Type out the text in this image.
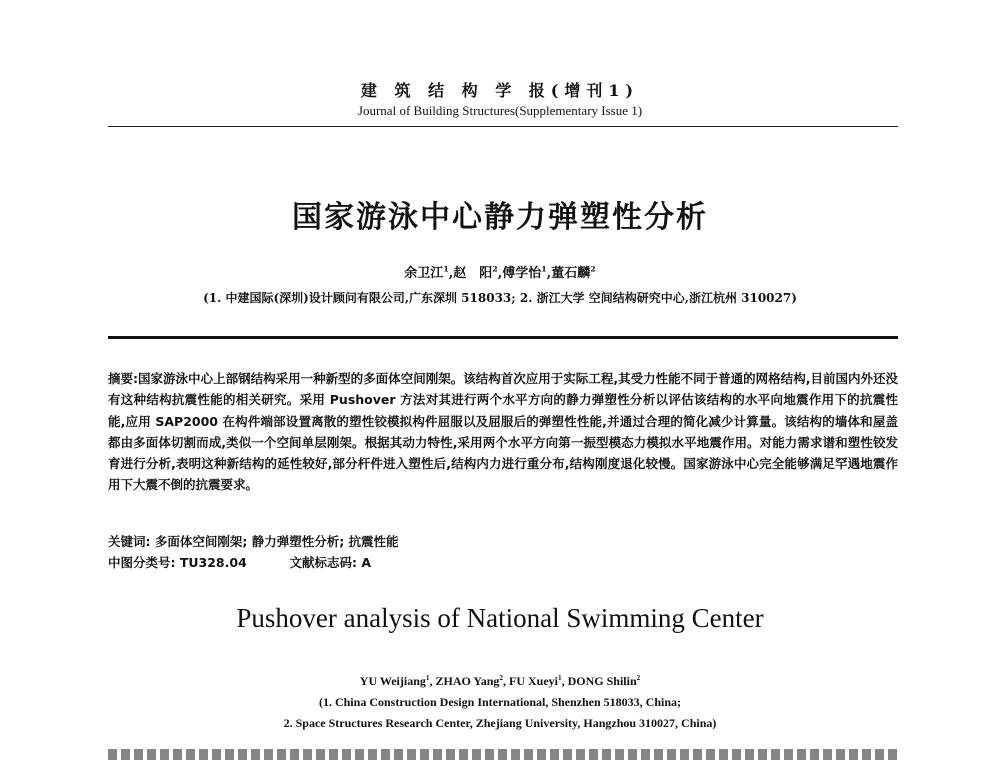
建 筑 结 构 学 报(增刊1)
Journal of Building Structures(Supplementary Issue 1)
国家游泳中心静力弹塑性分析
余卫江$^1$,赵　阳$^2$,傅学怡$^1$,董石麟$^2$
(1. 中建国际(深圳)设计顾问有限公司,广东深圳 518033; 2. 浙江大学 空间结构研究中心,浙江杭州 310027)
摘要:国家游泳中心上部钢结构采用一种新型的多面体空间刚架。该结构首次应用于实际工程,其受力性能不同于普通的网格结构,目前国内外还没有这种结构抗震性能的相关研究。采用 Pushover 方法对其进行两个水平方向的静力弹塑性分析以评估该结构的水平向地震作用下的抗震性能,应用 SAP2000 在构件端部设置离散的塑性铰模拟构件屈服以及屈服后的弹塑性性能,并通过合理的简化减少计算量。该结构的墙体和屋盖都由多面体切割而成,类似一个空间单层刚架。根据其动力特性,采用两个水平方向第一振型模态力模拟水平地震作用。对能力需求谱和塑性铰发育进行分析,表明这种新结构的延性较好,部分杆件进入塑性后,结构内力进行重分布,结构刚度退化较慢。国家游泳中心完全能够满足罕遇地震作用下大震不倒的抗震要求。
关键词: 多面体空间刚架; 静力弹塑性分析; 抗震性能
中图分类号: TU328.04	文献标志码: A
Pushover analysis of National Swimming Center
YU Weijiang$^1$, ZHAO Yang$^2$, FU Xueyi$^1$, DONG Shilin$^2$
(1. China Construction Design International, Shenzhen 518033, China;
2. Space Structures Research Center, Zhejiang University, Hangzhou 310027, China)
